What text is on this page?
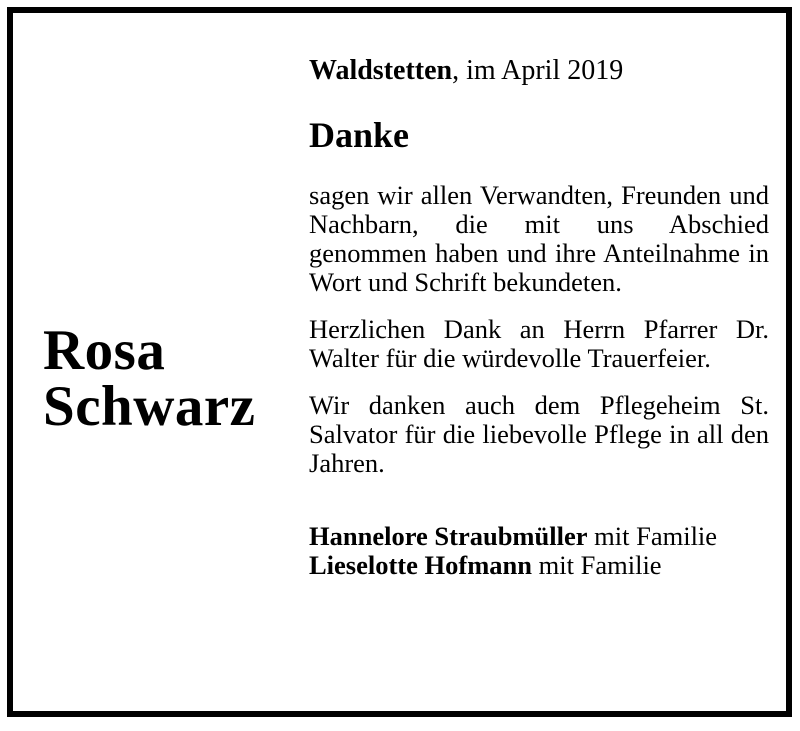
Rosa
Schwarz
Waldstetten, im April 2019
Danke
sagen wir allen Verwandten, Freunden und Nachbarn, die mit uns Abschied genommen haben und ihre Anteilnahme in Wort und Schrift bekundeten.
Herzlichen Dank an Herrn Pfarrer Dr. Walter für die würdevolle Trauerfeier.
Wir danken auch dem Pflegeheim St. Salvator für die liebevolle Pflege in all den Jahren.
Hannelore Straubmüller mit Familie
Lieselotte Hofmann mit Familie
